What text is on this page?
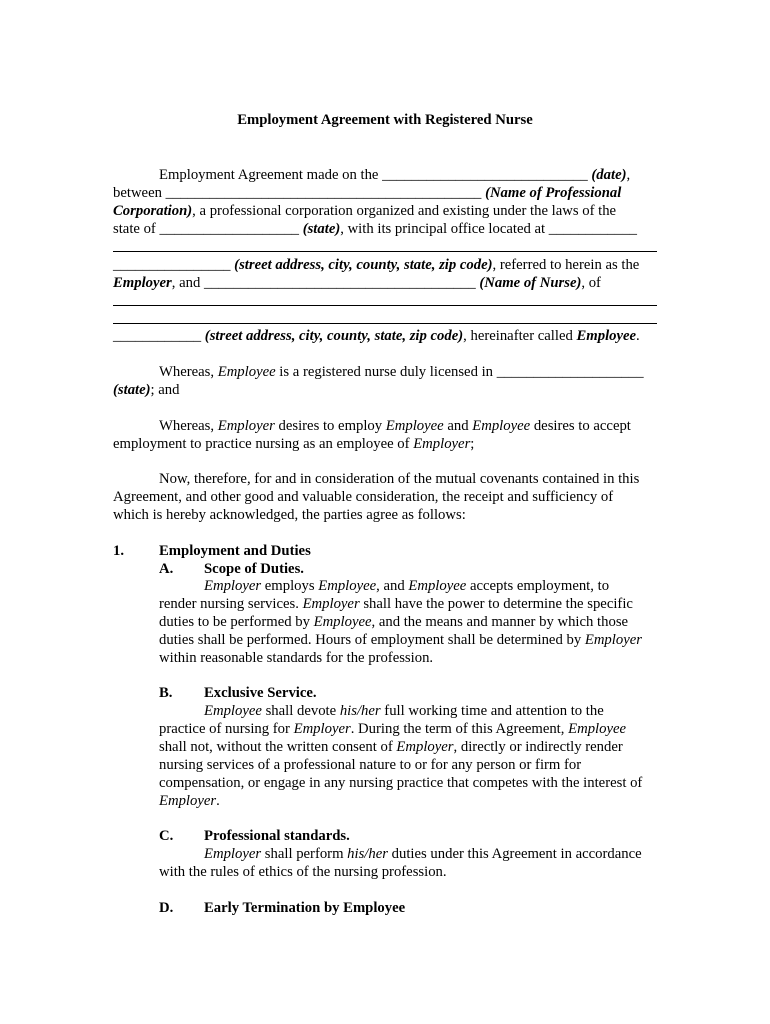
Employment Agreement with Registered Nurse
Employment Agreement made on the ____________________________ (date),
between ___________________________________________ (Name of Professional
Corporation), a professional corporation organized and existing under the laws of the
state of ___________________ (state), with its principal office located at ____________
________________ (street address, city, county, state, zip code), referred to herein as the
Employer, and _____________________________________ (Name of Nurse), of
____________ (street address, city, county, state, zip code), hereinafter called Employee.
Whereas, Employee is a registered nurse duly licensed in ____________________
(state); and
Whereas, Employer desires to employ Employee and Employee desires to accept
employment to practice nursing as an employee of Employer;
Now, therefore, for and in consideration of the mutual covenants contained in this
Agreement, and other good and valuable consideration, the receipt and sufficiency of
which is hereby acknowledged, the parties agree as follows:
1. Employment and Duties
A. Scope of Duties.
Employer employs Employee, and Employee accepts employment, to
render nursing services. Employer shall have the power to determine the specific
duties to be performed by Employee, and the means and manner by which those
duties shall be performed. Hours of employment shall be determined by Employer
within reasonable standards for the profession.
B. Exclusive Service.
Employee shall devote his/her full working time and attention to the
practice of nursing for Employer. During the term of this Agreement, Employee
shall not, without the written consent of Employer, directly or indirectly render
nursing services of a professional nature to or for any person or firm for
compensation, or engage in any nursing practice that competes with the interest of
Employer.
C. Professional standards.
Employer shall perform his/her duties under this Agreement in accordance
with the rules of ethics of the nursing profession.
D. Early Termination by Employee
